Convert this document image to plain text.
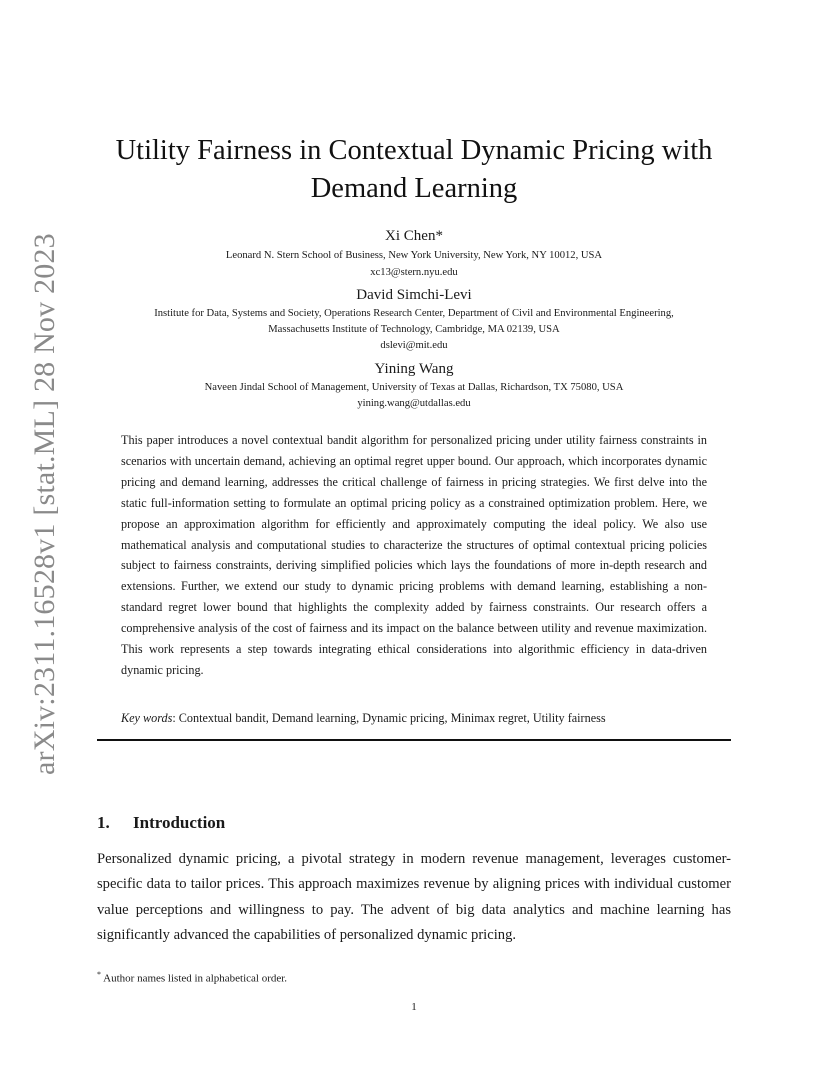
arXiv:2311.16528v1 [stat.ML] 28 Nov 2023
Utility Fairness in Contextual Dynamic Pricing with
Demand Learning
Xi Chen*
Leonard N. Stern School of Business, New York University, New York, NY 10012, USA
xc13@stern.nyu.edu
David Simchi-Levi
Institute for Data, Systems and Society, Operations Research Center, Department of Civil and Environmental Engineering,
Massachusetts Institute of Technology, Cambridge, MA 02139, USA
dslevi@mit.edu
Yining Wang
Naveen Jindal School of Management, University of Texas at Dallas, Richardson, TX 75080, USA
yining.wang@utdallas.edu

This paper introduces a novel contextual bandit algorithm for personalized pricing under utility fairness constraints in scenarios with uncertain demand, achieving an optimal regret upper bound. Our approach, which incorporates dynamic pricing and demand learning, addresses the critical challenge of fairness in pricing strategies. We first delve into the static full-information setting to formulate an optimal pricing policy as a constrained optimization problem. Here, we propose an approximation algorithm for efficiently and approximately computing the ideal policy. We also use mathematical analysis and computational studies to characterize the structures of optimal contextual pricing policies subject to fairness constraints, deriving simplified policies which lays the foundations of more in-depth research and extensions. Further, we extend our study to dynamic pricing problems with demand learning, establishing a non-standard regret lower bound that highlights the complexity added by fairness constraints. Our research offers a comprehensive analysis of the cost of fairness and its impact on the balance between utility and revenue maximization. This work represents a step towards integrating ethical considerations into algorithmic efficiency in data-driven dynamic pricing.

Key words: Contextual bandit, Demand learning, Dynamic pricing, Minimax regret, Utility fairness
1. Introduction

Personalized dynamic pricing, a pivotal strategy in modern revenue management, leverages customer-specific data to tailor prices. This approach maximizes revenue by aligning prices with individual customer value perceptions and willingness to pay. The advent of big data analytics and machine learning has significantly advanced the capabilities of personalized dynamic pricing.

* Author names listed in alphabetical order.
1
